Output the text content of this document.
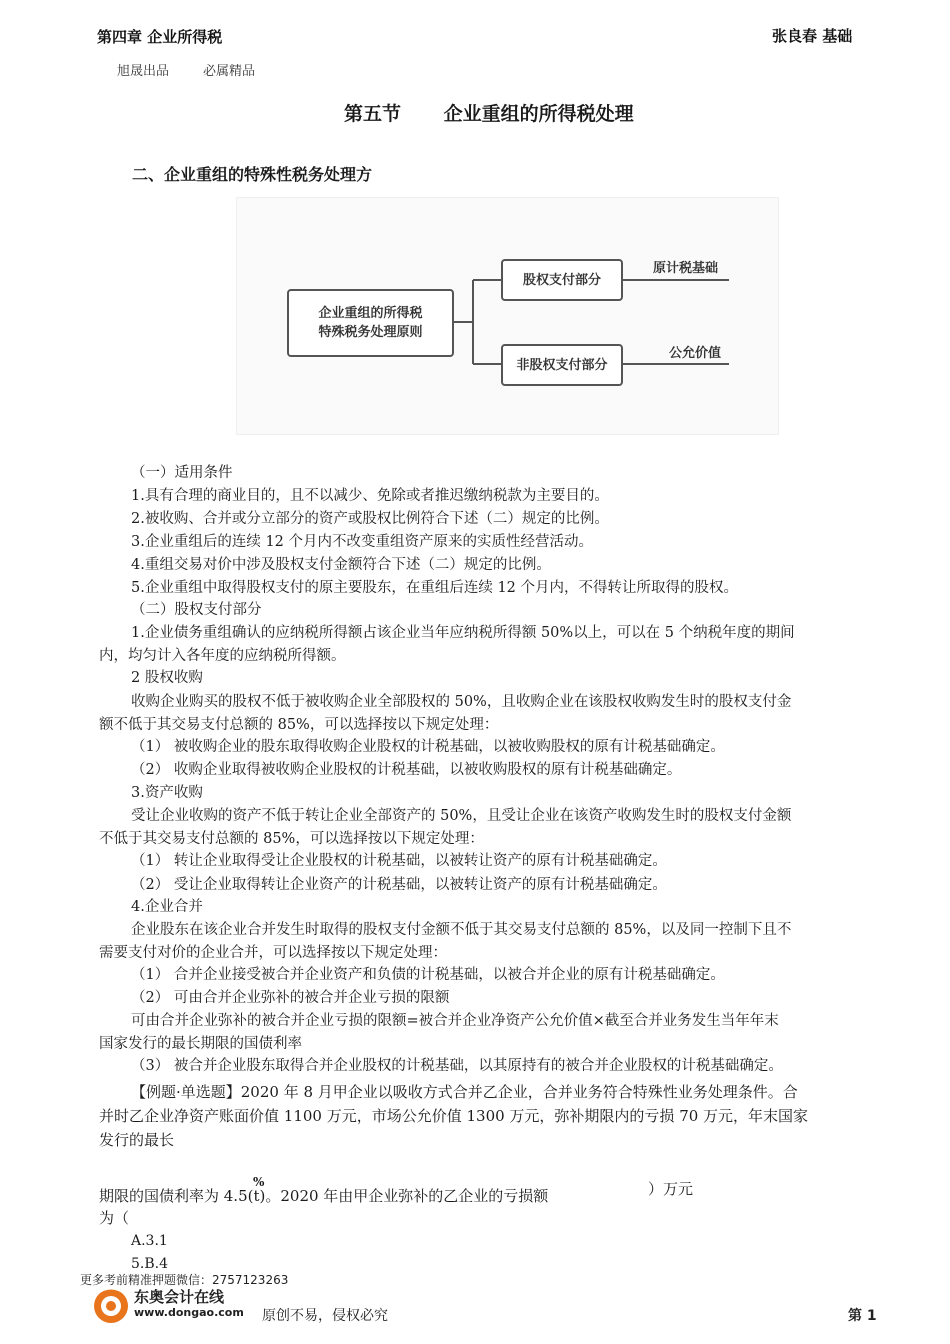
第四章 企业所得税	张良春 基础
旭晟出品	必属精品
第五节 企业重组的所得税处理
二、企业重组的特殊性税务处理方
企业重组的所得税
特殊税务处理原则
股权支付部分
非股权支付部分
原计税基础
公允价值
（一）适用条件
1.具有合理的商业目的，且不以减少、免除或者推迟缴纳税款为主要目的。
2.被收购、合并或分立部分的资产或股权比例符合下述（二）规定的比例。
3.企业重组后的连续 12 个月内不改变重组资产原来的实质性经营活动。
4.重组交易对价中涉及股权支付金额符合下述（二）规定的比例。
5.企业重组中取得股权支付的原主要股东，在重组后连续 12 个月内，不得转让所取得的股权。
（二）股权支付部分
1.企业债务重组确认的应纳税所得额占该企业当年应纳税所得额 50%以上，可以在 5 个纳税年度的期间
内，均匀计入各年度的应纳税所得额。
2 股权收购
收购企业购买的股权不低于被收购企业全部股权的 50%，且收购企业在该股权收购发生时的股权支付金
额不低于其交易支付总额的 85%，可以选择按以下规定处理：
（1） 被收购企业的股东取得收购企业股权的计税基础，以被收购股权的原有计税基础确定。
（2） 收购企业取得被收购企业股权的计税基础，以被收购股权的原有计税基础确定。
3.资产收购
受让企业收购的资产不低于转让企业全部资产的 50%，且受让企业在该资产收购发生时的股权支付金额
不低于其交易支付总额的 85%，可以选择按以下规定处理：
（1） 转让企业取得受让企业股权的计税基础，以被转让资产的原有计税基础确定。
（2） 受让企业取得转让企业资产的计税基础，以被转让资产的原有计税基础确定。
4.企业合并
企业股东在该企业合并发生时取得的股权支付金额不低于其交易支付总额的 85%，以及同一控制下且不
需要支付对价的企业合并，可以选择按以下规定处理：
（1） 合并企业接受被合并企业资产和负债的计税基础，以被合并企业的原有计税基础确定。
（2） 可由合并企业弥补的被合并企业亏损的限额
可由合并企业弥补的被合并企业亏损的限额=被合并企业净资产公允价值×截至合并业务发生当年年末
国家发行的最长期限的国债利率
（3） 被合并企业股东取得合并企业股权的计税基础，以其原持有的被合并企业股权的计税基础确定。
【例题·单选题】2020 年 8 月甲企业以吸收方式合并乙企业，合并业务符合特殊性业务处理条件。合
并时乙企业净资产账面价值 1100 万元，市场公允价值 1300 万元，弥补期限内的亏损 70 万元，年末国家
发行的最长
%
期限的国债利率为 4.5(t)。2020 年由甲企业弥补的乙企业的亏损额	）万元
为（
A.3.1
5.B.4
更多考前精准押题微信：2757123263
东奥会计在线
www.dongao.com 原创不易，侵权必究	第 1
